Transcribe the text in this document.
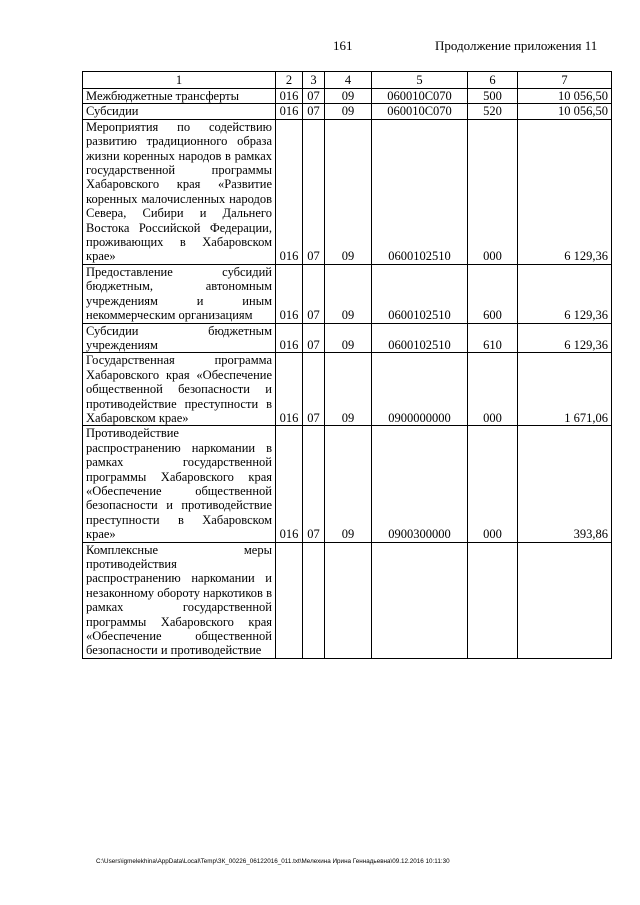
161	Продолжение приложения 11
1	2	3	4	5	6	7
Межбюджетные трансферты	016	07	09	060010С070	500	10 056,50
Субсидии	016	07	09	060010С070	520	10 056,50
Мероприятия по содействию развитию традиционного образа жизни коренных народов в рамках государственной программы Хабаровского края «Развитие коренных малочисленных народов Севера, Сибири и Дальнего Востока Российской Федерации, проживающих в Хабаровском крае»	016	07	09	0600102510	000	6 129,36
Предоставление субсидий бюджетным, автономным учреждениям и иным некоммерческим организациям	016	07	09	0600102510	600	6 129,36
Субсидии бюджетным учреждениям	016	07	09	0600102510	610	6 129,36
Государственная программа Хабаровского края «Обеспечение общественной безопасности и противодействие преступности в Хабаровском крае»	016	07	09	0900000000	000	1 671,06
Противодействие распространению наркомании в рамках государственной программы Хабаровского края «Обеспечение общественной безопасности и противодействие преступности в Хабаровском крае»	016	07	09	0900300000	000	393,86
Комплексные меры противодействия распространению наркомании и незаконному обороту наркотиков в рамках государственной программы Хабаровского края «Обеспечение общественной безопасности и противодействие						
C:\Users\igmelekhina\AppData\Local\Temp\ЗК_00226_06122016_011.txt\Мелехина Ирина Геннадьевна\09.12.2016 10:11:30
